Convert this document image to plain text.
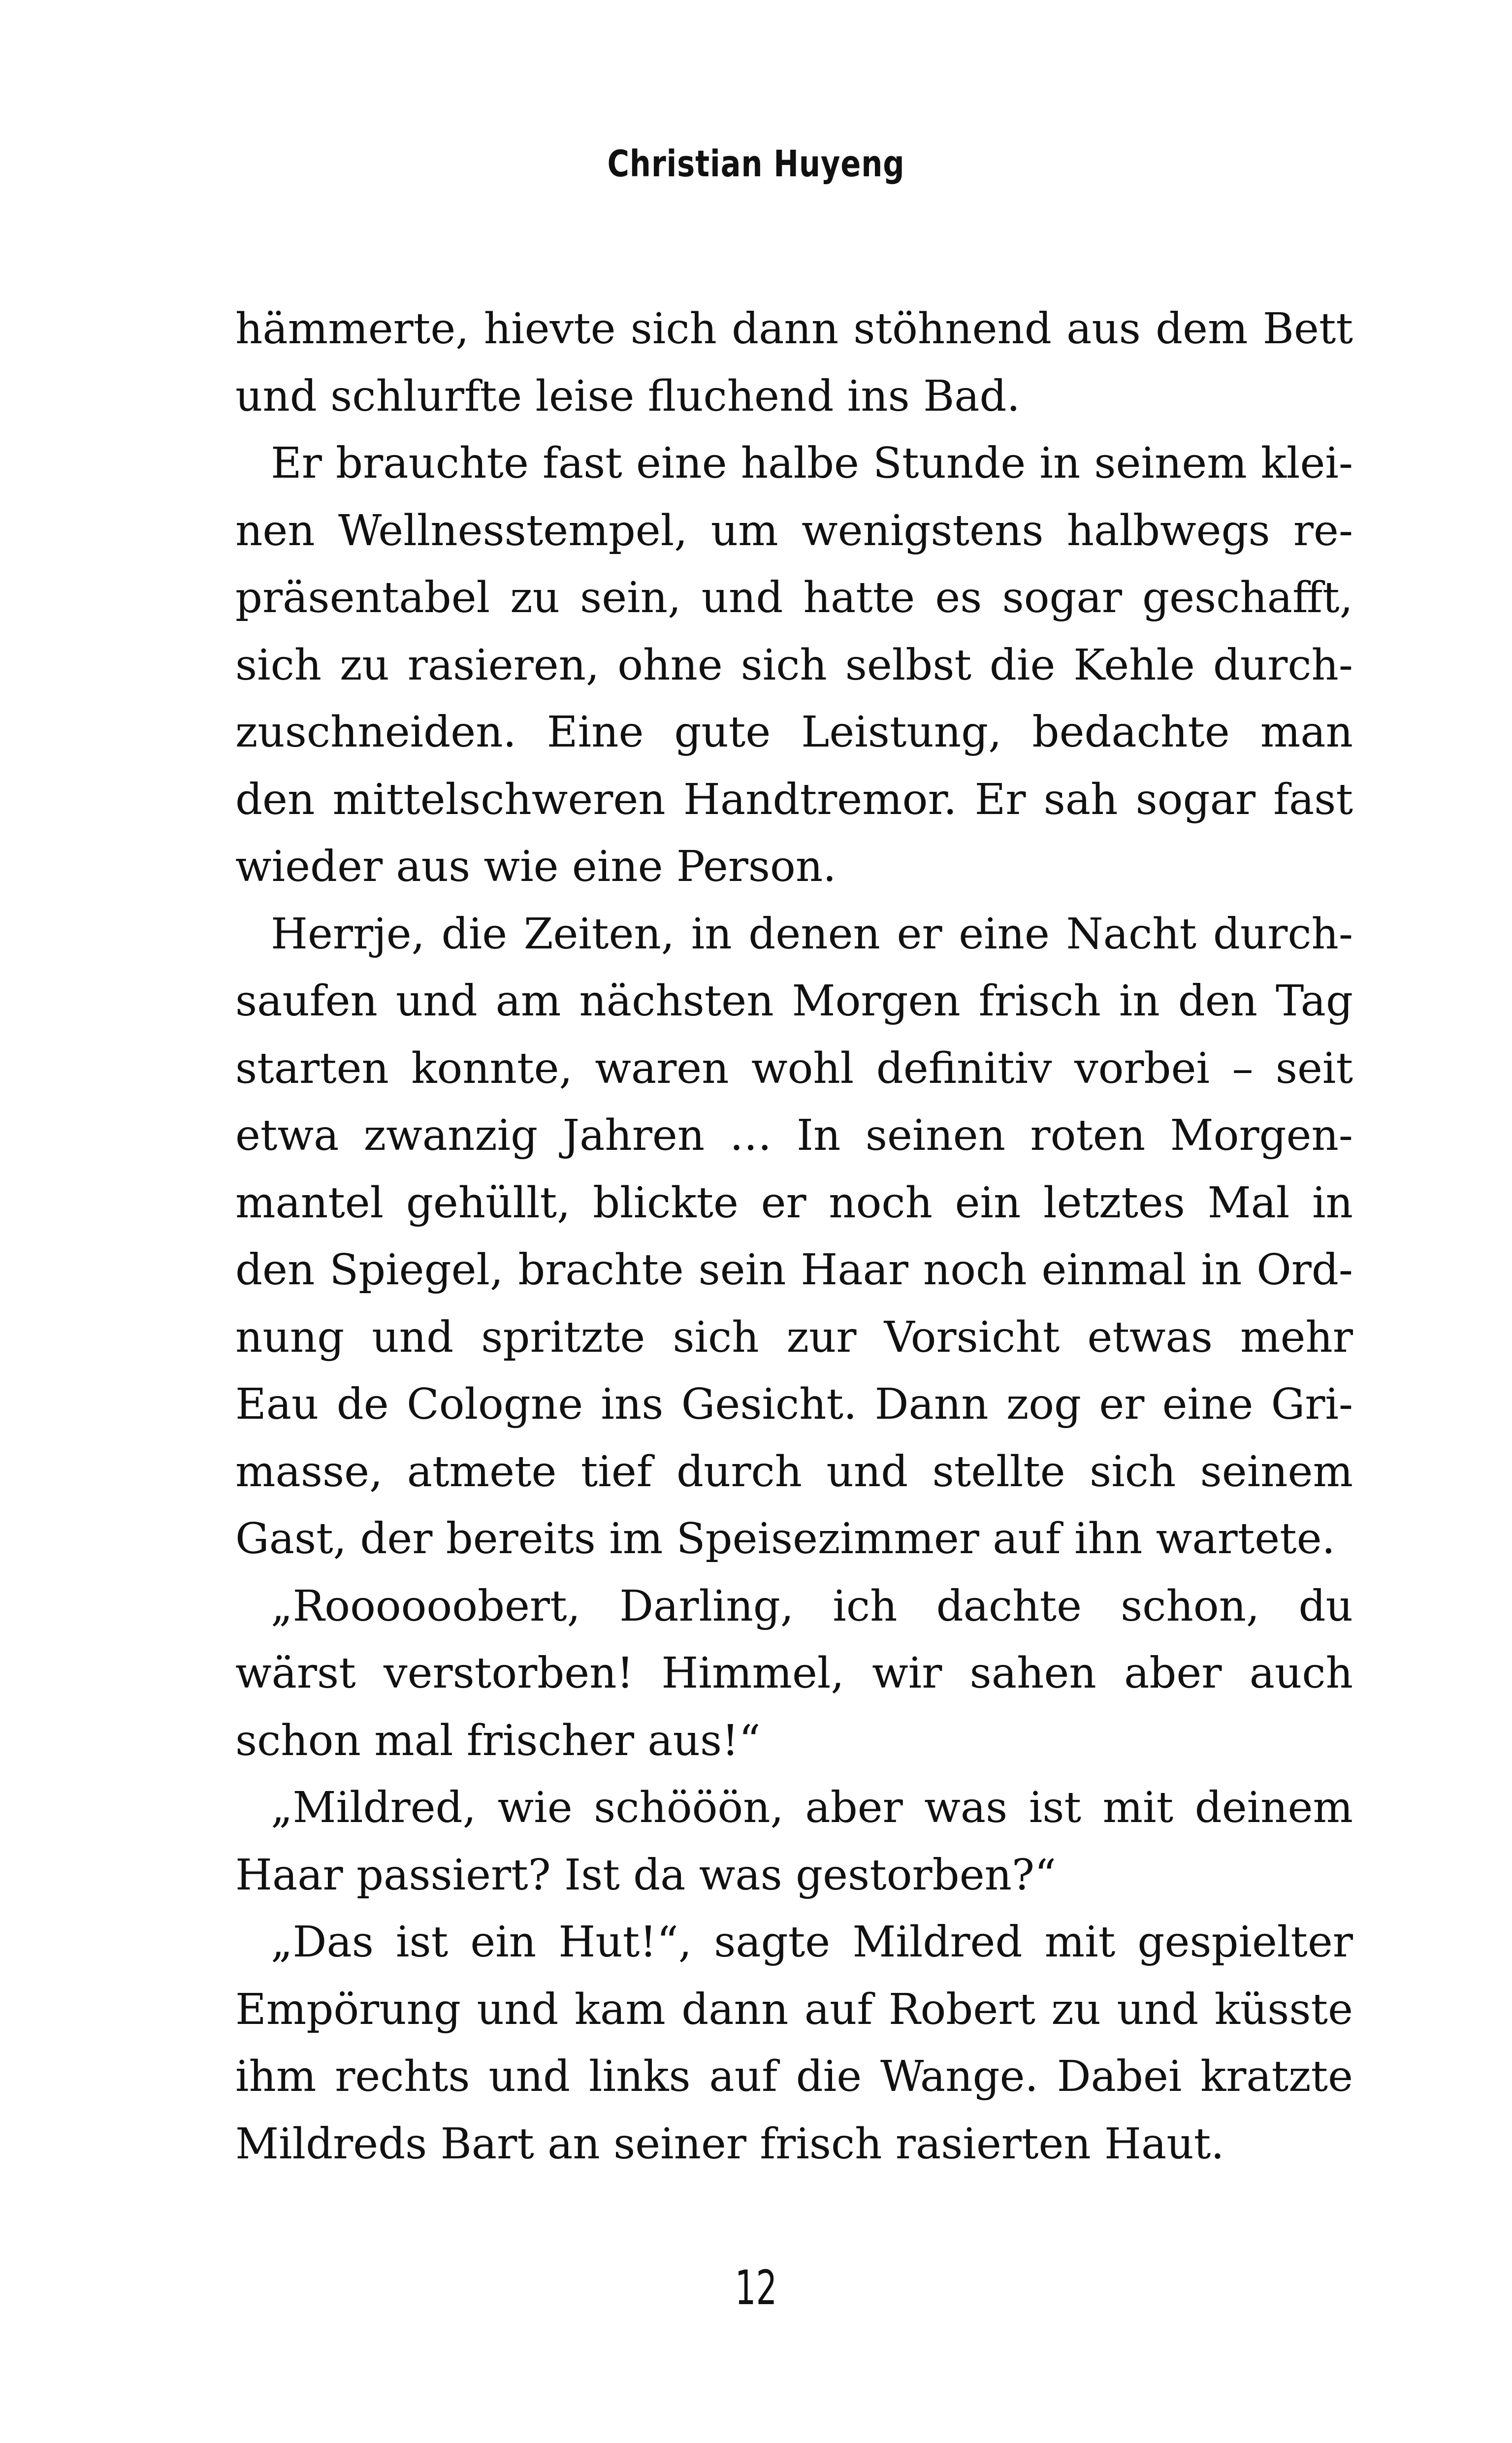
Christian Huyeng
hämmerte, hievte sich dann stöhnend aus dem Bett
und schlurfte leise fluchend ins Bad.
Er brauchte fast eine halbe Stunde in seinem klei-
nen Wellnesstempel, um wenigstens halbwegs re-
präsentabel zu sein, und hatte es sogar geschafft,
sich zu rasieren, ohne sich selbst die Kehle durch-
zuschneiden. Eine gute Leistung, bedachte man
den mittelschweren Handtremor. Er sah sogar fast
wieder aus wie eine Person.
Herrje, die Zeiten, in denen er eine Nacht durch-
saufen und am nächsten Morgen frisch in den Tag
starten konnte, waren wohl definitiv vorbei – seit
etwa zwanzig Jahren … In seinen roten Morgen-
mantel gehüllt, blickte er noch ein letztes Mal in
den Spiegel, brachte sein Haar noch einmal in Ord-
nung und spritzte sich zur Vorsicht etwas mehr
Eau de Cologne ins Gesicht. Dann zog er eine Gri-
masse, atmete tief durch und stellte sich seinem
Gast, der bereits im Speisezimmer auf ihn wartete.
„Roooooobert, Darling, ich dachte schon, du
wärst verstorben! Himmel, wir sahen aber auch
schon mal frischer aus!“
„Mildred, wie schööön, aber was ist mit deinem
Haar passiert? Ist da was gestorben?“
„Das ist ein Hut!“, sagte Mildred mit gespielter
Empörung und kam dann auf Robert zu und küsste
ihm rechts und links auf die Wange. Dabei kratzte
Mildreds Bart an seiner frisch rasierten Haut.
12
